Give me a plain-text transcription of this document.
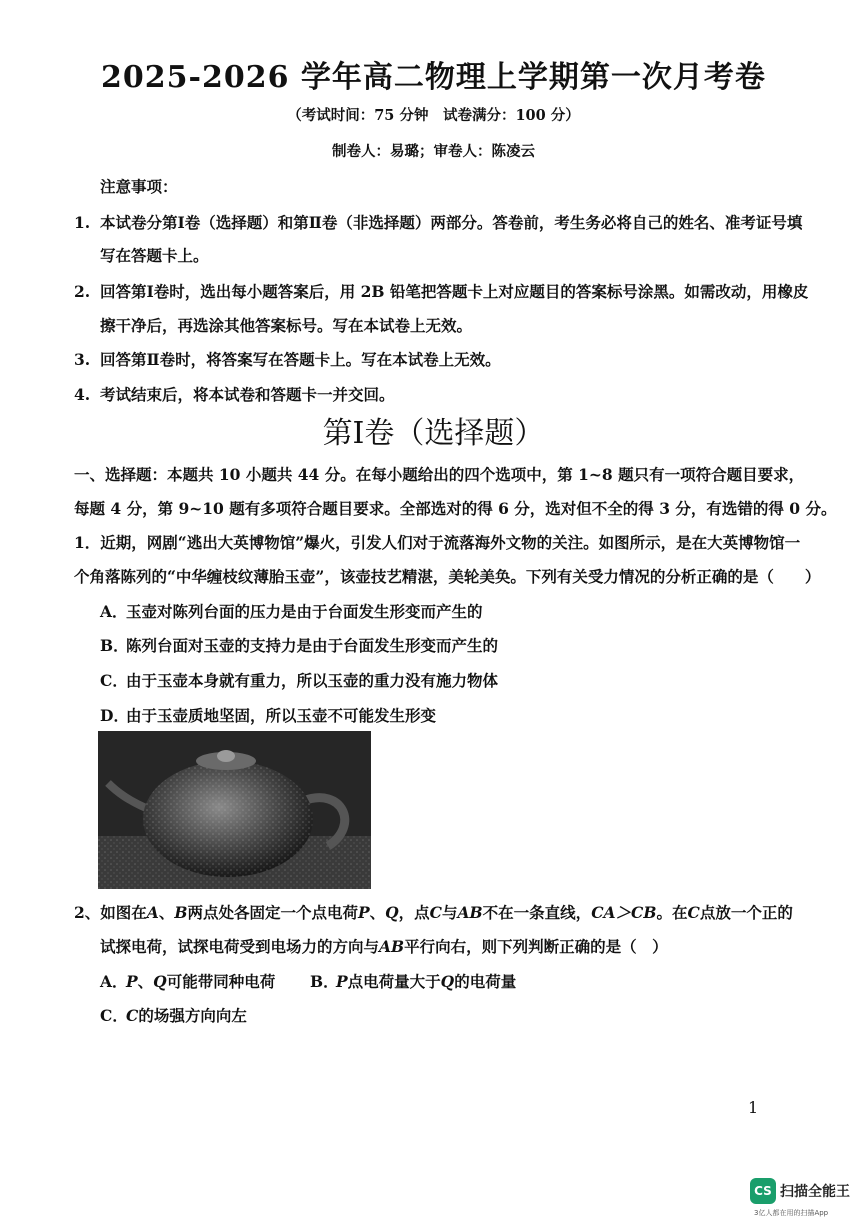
2025-2026 学年高二物理上学期第一次月考卷
（考试时间：75 分钟　试卷满分：100 分）
制卷人：易璐；审卷人：陈凌云
注意事项：
1. 本试卷分第Ⅰ卷（选择题）和第Ⅱ卷（非选择题）两部分。答卷前，考生务必将自己的姓名、准考证号填
写在答题卡上。
2. 回答第Ⅰ卷时，选出每小题答案后，用 2B 铅笔把答题卡上对应题目的答案标号涂黑。如需改动，用橡皮
擦干净后，再选涂其他答案标号。写在本试卷上无效。
3. 回答第Ⅱ卷时，将答案写在答题卡上。写在本试卷上无效。
4. 考试结束后，将本试卷和答题卡一并交回。
第Ⅰ卷（选择题）
一、选择题：本题共 10 小题共 44 分。在每小题给出的四个选项中，第 1~8 题只有一项符合题目要求，
每题 4 分，第 9~10 题有多项符合题目要求。全部选对的得 6 分，选对但不全的得 3 分，有选错的得 0 分。
1．近期，网剧“逃出大英博物馆”爆火，引发人们对于流落海外文物的关注。如图所示，是在大英博物馆一
个角落陈列的“中华缠枝纹薄胎玉壶”，该壶技艺精湛，美轮美奂。下列有关受力情况的分析正确的是（　　）
A．玉壶对陈列台面的压力是由于台面发生形变而产生的
B．陈列台面对玉壶的支持力是由于台面发生形变而产生的
C．由于玉壶本身就有重力，所以玉壶的重力没有施力物体
D．由于玉壶质地坚固，所以玉壶不可能发生形变
2、如图在A、B两点处各固定一个点电荷P、Q，点C与AB不在一条直线，CA＞CB。在C点放一个正的
试探电荷，试探电荷受到电场力的方向与AB平行向右，则下列判断正确的是（　）
A．P、Q可能带同种电荷 B．P点电荷量大于Q的电荷量
C．C的场强方向向左
1
CS 扫描全能王
3亿人都在用的扫描App
